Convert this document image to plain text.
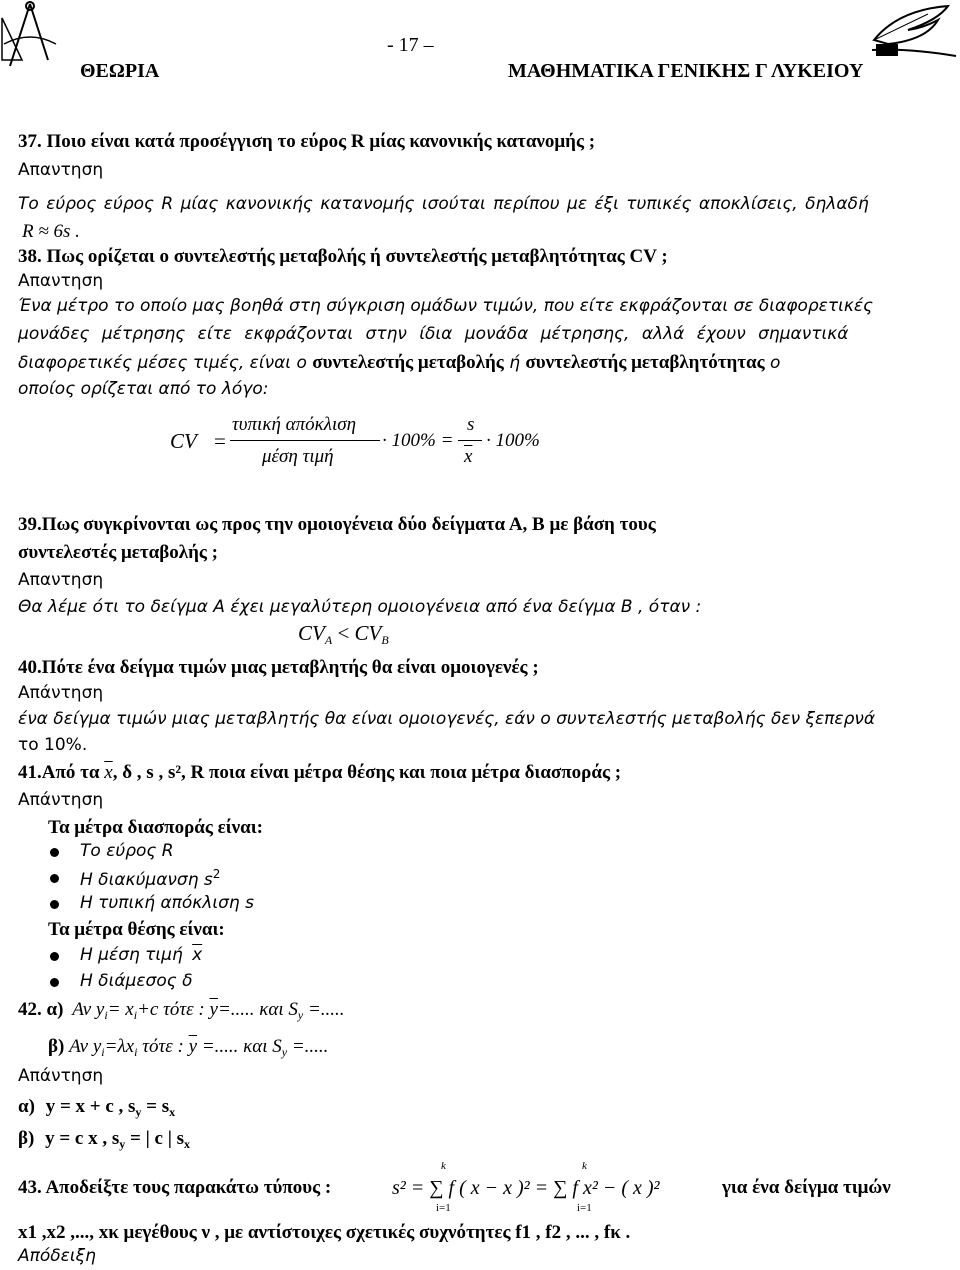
- 17 –
ΘΕΩΡΙΑ	ΜΑΘΗΜΑΤΙΚΑ ΓΕΝΙΚΗΣ Γ ΛΥΚΕΙΟΥ
37. Ποιο είναι κατά προσέγγιση το εύρος R μίας κανονικής κατανομής ;
Απαντηση
Το εύρος εύρος R μίας κανονικής κατανομής ισούται περίπου με έξι τυπικές αποκλίσεις, δηλαδή
R ≈ 6s .
38. Πως ορίζεται ο συντελεστής μεταβολής ή συντελεστής μεταβλητότητας CV ;
Απαντηση
Ένα μέτρο το οποίο μας βοηθά στη σύγκριση ομάδων τιμών, που είτε εκφράζονται σε διαφορετικές
μονάδες μέτρησης είτε εκφράζονται στην ίδια μονάδα μέτρησης, αλλά έχουν σημαντικά
διαφορετικές μέσες τιμές, είναι ο συντελεστής μεταβολής ή συντελεστής μεταβλητότητας ο
οποίος ορίζεται από το λόγο:
CV =
τυπική απόκλιση
μέση τιμή
· 100% =
s
$\overline{x}$
· 100%
39.Πως συγκρίνονται ως προς την ομοιογένεια δύο δείγματα Α, Β με βάση τους
συντελεστές μεταβολής ;
Απαντηση
Θα λέμε ότι το δείγμα Α έχει μεγαλύτερη ομοιογένεια από ένα δείγμα Β , όταν :
$CV_A < CV_B$
40.Πότε ένα δείγμα τιμών μιας μεταβλητής θα είναι ομοιογενές ;
Απάντηση
ένα δείγμα τιμών μιας μεταβλητής θα είναι ομοιογενές, εάν ο συντελεστής μεταβολής δεν ξεπερνά
το 10%.
41.Από τα $\overline{x}$, δ , s , s², R ποια είναι μέτρα θέσης και ποια μέτρα διασποράς ;
Απάντηση
Τα μέτρα διασποράς είναι:
Το εύρος R
Η διακύμανση $s^2$
Η τυπική απόκλιση s
Τα μέτρα θέσης είναι:
Η μέση τιμή $\overline{x}$
Η διάμεσος δ
42. α) Αν $y_i= x_i+c$ τότε : $\overline{y}=$..... και $S_y$ =.....
β) Αν $y_i=\lambda x_i$ τότε : $\overline{y}$ =..... και $S_y$ =.....
Απάντηση
α) y = x + c , $s_y = s_x$
β) y = c x , $s_y$ = | c | $s_x$
43. Αποδείξτε τους παρακάτω τύπους :
k
i=1
k
i=1
s² = ∑ f ( x − x )² = ∑ f x² − ( x )²	για ένα δείγμα τιμών
x1 ,x2 ,..., xκ μεγέθους ν , με αντίστοιχες σχετικές συχνότητες f1 , f2 , ... , fκ .
Απόδειξη
